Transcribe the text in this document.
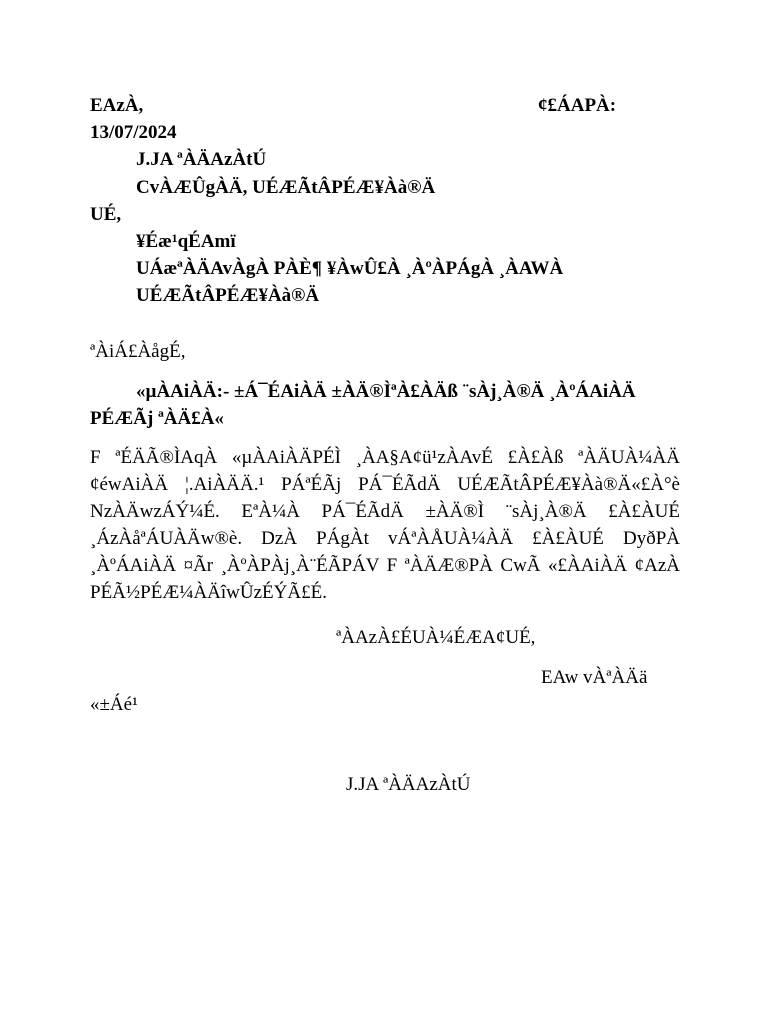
EAzÀ,	¢£ÁAPÀ:
13/07/2024
J.JA ªÀÄAzÀtÚ
CvÀÆÛgÀÄ, UÉÆÃtÂPÉÆ¥Àà®Ä
UÉ,
¥Éæ¹qÉAmï
UÁæªÀÄAvÀgÀ PÀÈ¶ ¥ÀwÛ£À ¸ÀºÀPÁgÀ ¸ÀAWÀ
UÉÆÃtÂPÉÆ¥Àà®Ä
ªÀiÁ£ÀågÉ,
«µÀAiÀÄ:- ±Á¯ÉAiÀÄ ±ÀÄ®ÌªÀ£ÀÄß ¨sÀj¸À®Ä ¸ÀºÁAiÀÄ
PÉÆÃj ªÀÄ£À«
F ªÉÄÃ®ÌAqÀ «µÀAiÀÄPÉÌ ¸ÀA§A¢ü¹zÀAvÉ £À£Àß ªÀÄUÀ¼ÀÄ ¢éwAiÀÄ ¦.AiÀÄÄ.¹ PÁªÉÃj PÁ¯ÉÃdÄ UÉÆÃtÂPÉÆ¥Àà®Ä«£À°è NzÀÄwzÁÝ¼É. EªÀ¼À PÁ¯ÉÃdÄ ±ÀÄ®Ì ¨sÀj¸À®Ä £À£ÀUÉ ¸ÁzÀåªÁUÀÄw®è. DzÀ PÁgÀt vÁªÀÅUÀ¼ÀÄ £À£ÀUÉ DyðPÀ ¸ÀºÁAiÀÄ ¤Ãr ¸ÀºÀPÀj¸À¨ÉÃPÁV F ªÀÄÆ®PÀ CwÃ «£ÀAiÀÄ ¢AzÀ PÉÃ½PÉÆ¼ÀÄîwÛzÉÝÃ£É.
ªÀAzÀ£ÉUÀ¼ÉÆA¢UÉ,
EAw vÀªÀÄä
«±Áé¹
J.JA ªÀÄAzÀtÚ
